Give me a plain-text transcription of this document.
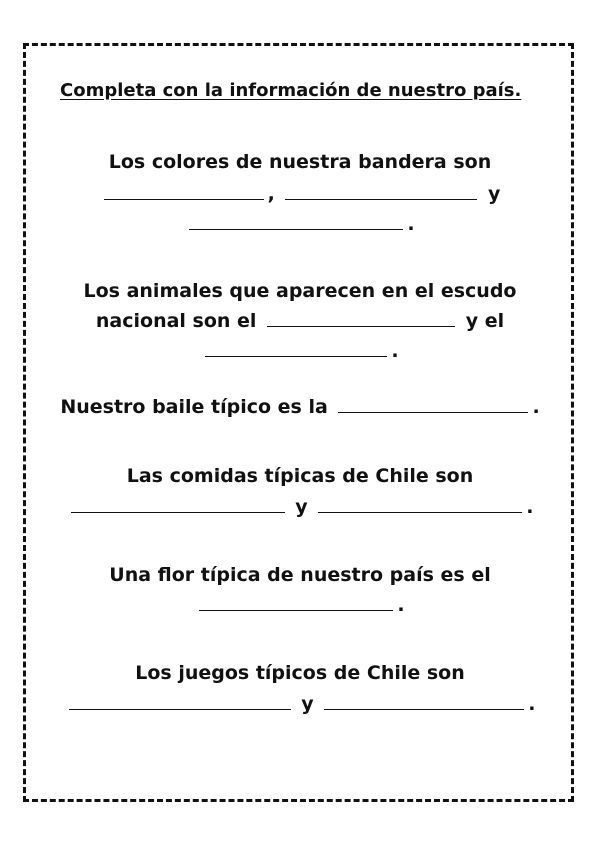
Completa con la información de nuestro país.
Los colores de nuestra bandera son
,	y
.
Los animales que aparecen en el escudo
nacional son el	y el
.
Nuestro baile típico es la	.
Las comidas típicas de Chile son
y	.
Una flor típica de nuestro país es el
.
Los juegos típicos de Chile son
y	.
